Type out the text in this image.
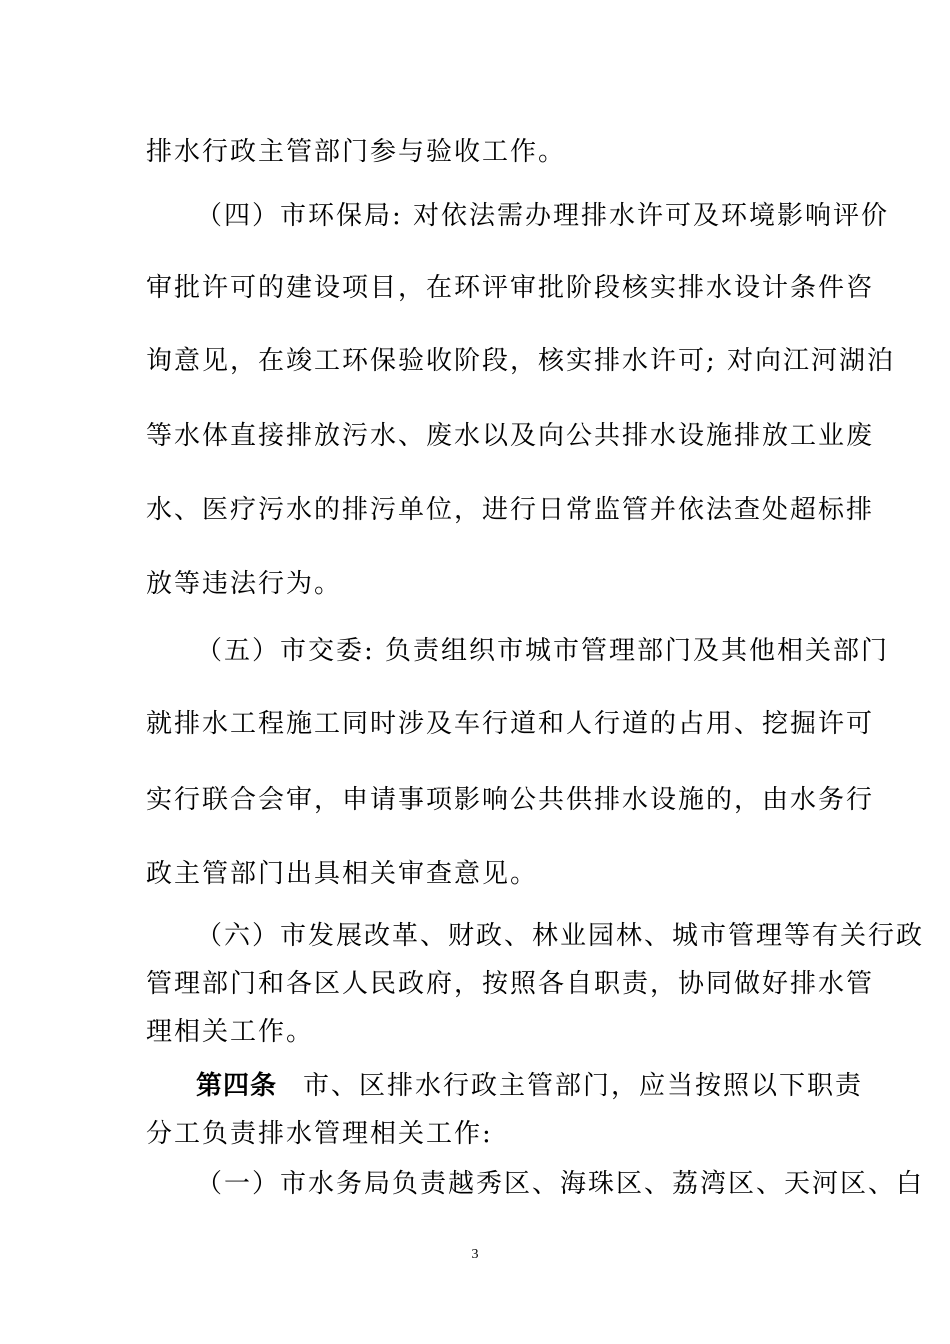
排水行政主管部门参与验收工作。
（四）市环保局: 对依法需办理排水许可及环境影响评价
审批许可的建设项目，在环评审批阶段核实排水设计条件咨
询意见，在竣工环保验收阶段，核实排水许可; 对向江河湖泊
等水体直接排放污水、废水以及向公共排水设施排放工业废
水、医疗污水的排污单位，进行日常监管并依法查处超标排
放等违法行为。
（五）市交委: 负责组织市城市管理部门及其他相关部门
就排水工程施工同时涉及车行道和人行道的占用、挖掘许可
实行联合会审，申请事项影响公共供排水设施的，由水务行
政主管部门出具相关审查意见。
（六）市发展改革、财政、林业园林、城市管理等有关行政
管理部门和各区人民政府，按照各自职责，协同做好排水管
理相关工作。
第四条 市、区排水行政主管部门，应当按照以下职责
分工负责排水管理相关工作:
（一）市水务局负责越秀区、海珠区、荔湾区、天河区、白
3
